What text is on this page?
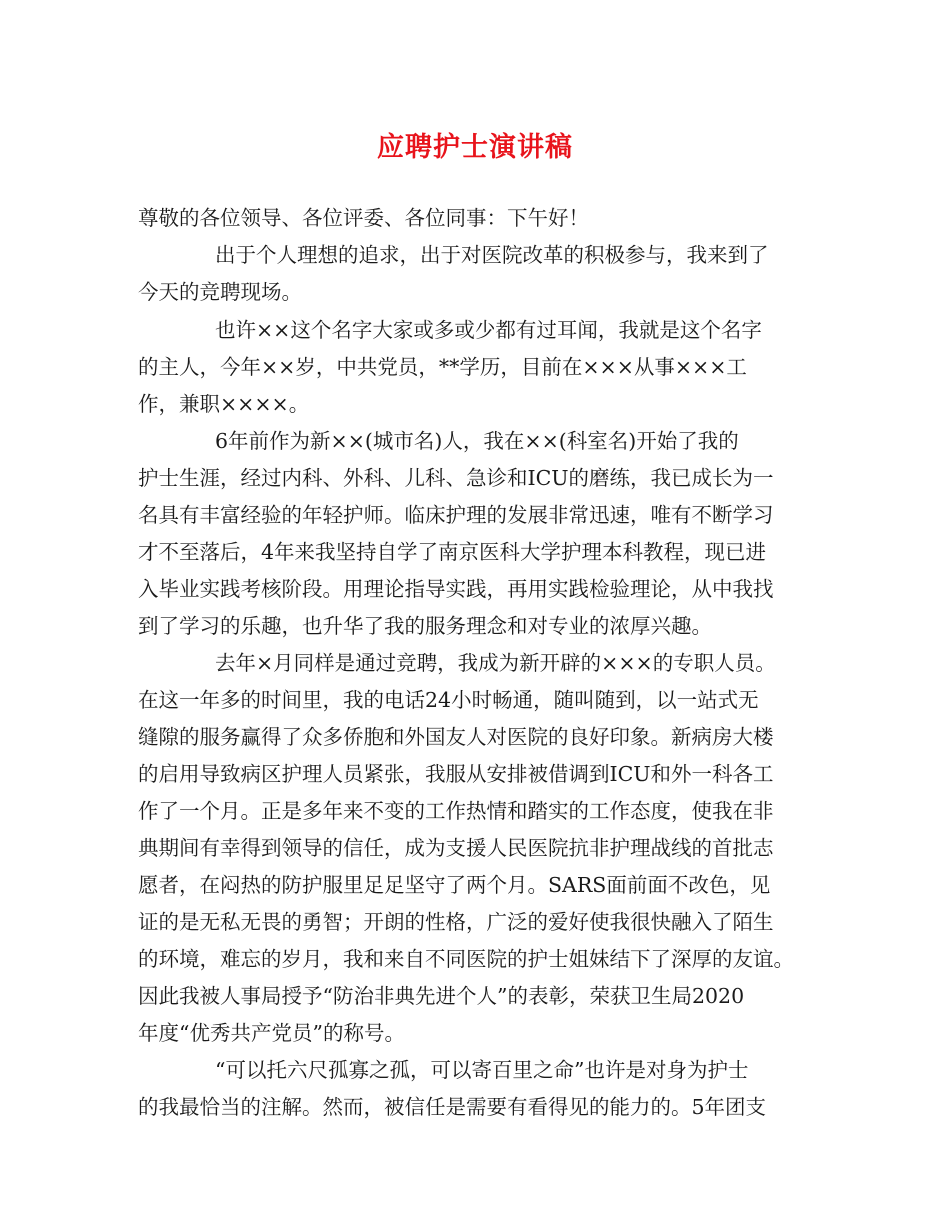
应聘护士演讲稿
尊敬的各位领导、各位评委、各位同事：下午好！
出于个人理想的追求，出于对医院改革的积极参与，我来到了
今天的竞聘现场。
也许××这个名字大家或多或少都有过耳闻，我就是这个名字
的主人，今年××岁，中共党员，**学历，目前在×××从事×××工
作，兼职××××。
6年前作为新××(城市名)人，我在××(科室名)开始了我的
护士生涯，经过内科、外科、儿科、急诊和ICU的磨练，我已成长为一
名具有丰富经验的年轻护师。临床护理的发展非常迅速，唯有不断学习
才不至落后，4年来我坚持自学了南京医科大学护理本科教程，现已进
入毕业实践考核阶段。用理论指导实践，再用实践检验理论，从中我找
到了学习的乐趣，也升华了我的服务理念和对专业的浓厚兴趣。
去年×月同样是通过竞聘，我成为新开辟的×××的专职人员。
在这一年多的时间里，我的电话24小时畅通，随叫随到，以一站式无
缝隙的服务赢得了众多侨胞和外国友人对医院的良好印象。新病房大楼
的启用导致病区护理人员紧张，我服从安排被借调到ICU和外一科各工
作了一个月。正是多年来不变的工作热情和踏实的工作态度，使我在非
典期间有幸得到领导的信任，成为支援人民医院抗非护理战线的首批志
愿者，在闷热的防护服里足足坚守了两个月。SARS面前面不改色，见
证的是无私无畏的勇智；开朗的性格，广泛的爱好使我很快融入了陌生
的环境，难忘的岁月，我和来自不同医院的护士姐妹结下了深厚的友谊。
因此我被人事局授予“防治非典先进个人”的表彰，荣获卫生局2020
年度“优秀共产党员”的称号。
“可以托六尺孤寡之孤，可以寄百里之命”也许是对身为护士
的我最恰当的注解。然而，被信任是需要有看得见的能力的。5年团支
